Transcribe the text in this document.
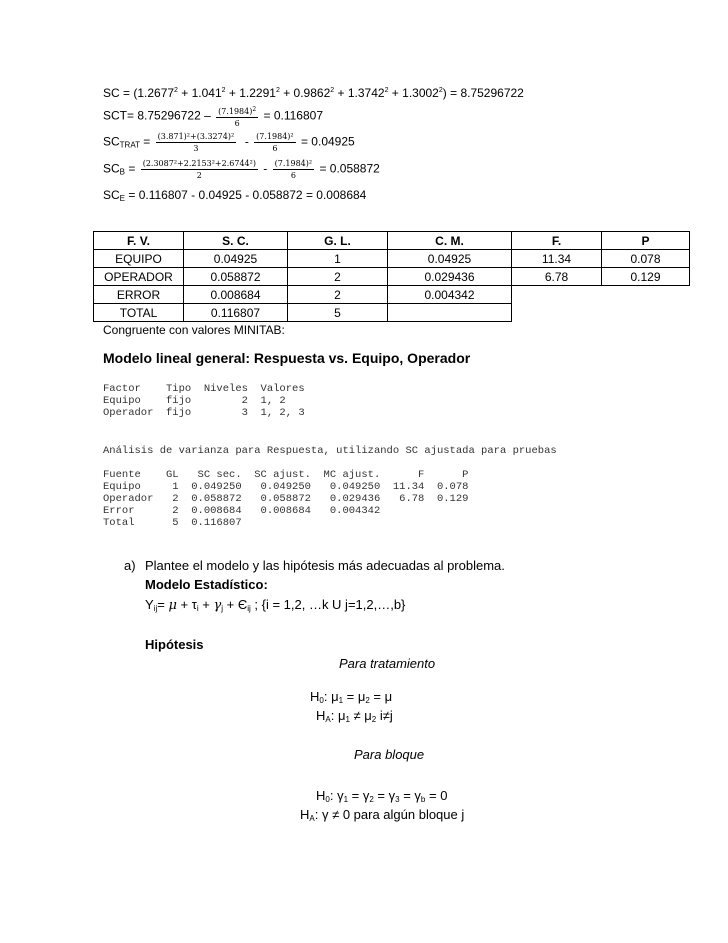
SC = $(1.2677^2 + 1.041^2 + 1.2291^2 + 0.9862^2 + 1.3742^2 + 1.3002^2) = 8.75296722$
$SCT= 8.75296722 - \frac{(7.1984)^2}{6} = 0.116807$
$SC_{TRAT} = \frac{\text{(3.871)²+(3.3274)²}}{3} - \frac{\text{(7.1984)²}}{6} = 0.04925$
$SC_B = \frac{\text{(2.3087²+2.2153²+2.6744²)}}{2} - \frac{\text{(7.1984)²}}{6} = 0.058872$
$SC_E = 0.116807 - 0.04925 - 0.058872 = 0.008684$
F. V.	S. C.	G. L.	C. M.	F.	P
EQUIPO	0.04925	1	0.04925	11.34	0.078
OPERADOR	0.058872	2	0.029436	6.78	0.129
ERROR	0.008684	2	0.004342		
TOTAL	0.116807	5			
Congruente con valores MINITAB:
Modelo lineal general: Respuesta vs. Equipo, Operador
Factor    Tipo  Niveles  Valores
Equipo    fijo        2  1, 2
Operador  fijo        3  1, 2, 3
Análisis de varianza para Respuesta, utilizando SC ajustada para pruebas
Fuente    GL   SC sec.  SC ajust.  MC ajust.      F      P
Equipo     1  0.049250   0.049250   0.049250  11.34  0.078
Operador   2  0.058872   0.058872   0.029436   6.78  0.129
Error      2  0.008684   0.008684   0.004342
Total      5  0.116807
a) Plantee el modelo y las hipótesis más adecuadas al problema.
Modelo Estadístico:
$Y_{ij}= \mu + \tau_i + \gamma_j + Є_{ij}$ ; {i = 1,2, …k U j=1,2,…,b}
Hipótesis
Para tratamiento
$H_0$: $\mu_1 = \mu_2 = \mu$
$H_A$: $\mu_1 \ne \mu_2$ i≠j
Para bloque
$H_0$: $\gamma_1 = \gamma_2 = \gamma_3 = \gamma_b = 0$
$H_A$: γ ≠ 0 para algún bloque j
